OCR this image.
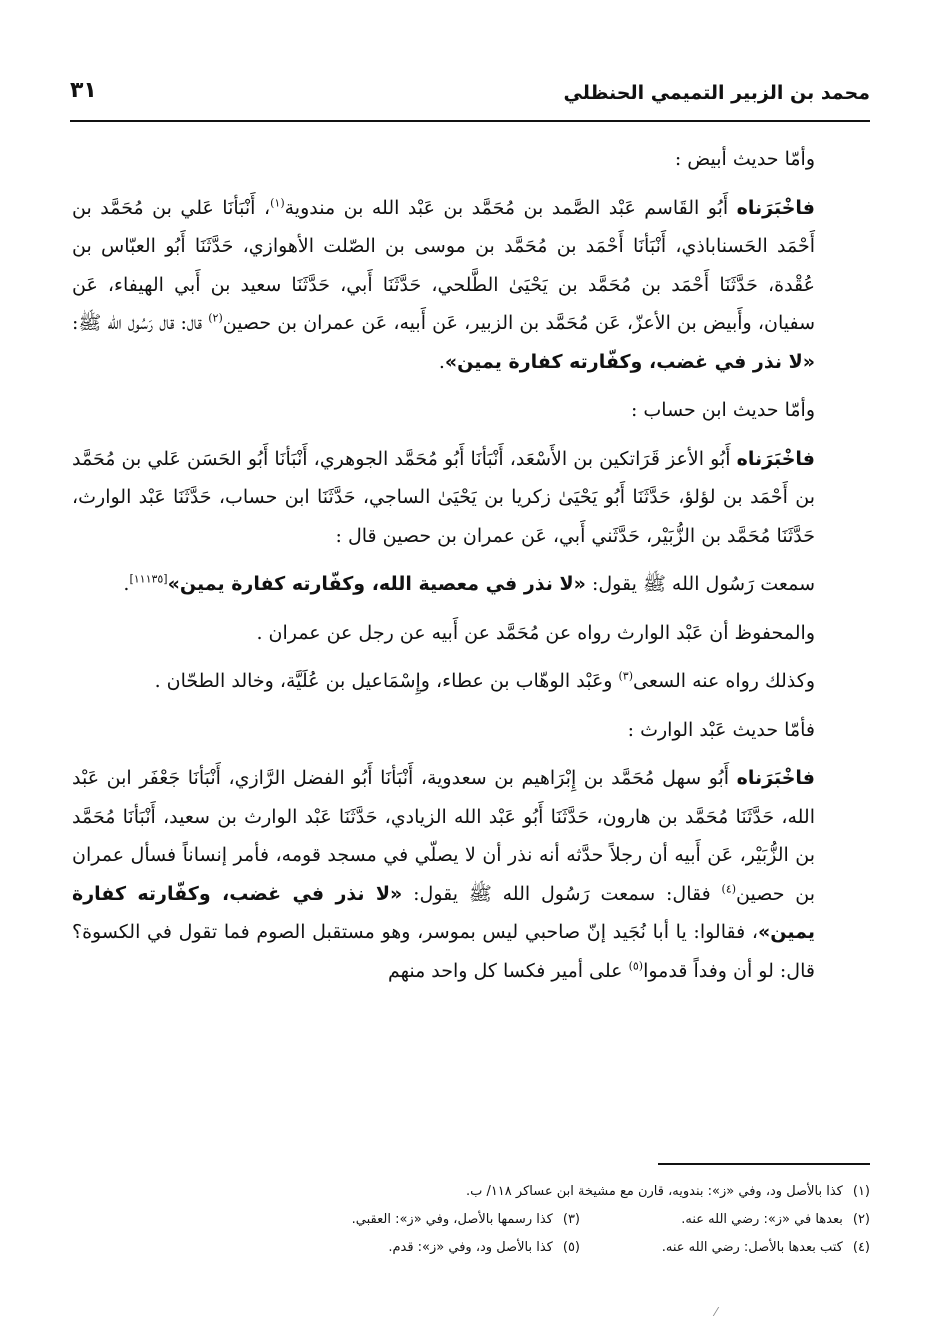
محمد بن الزبير التميمي الحنظلي
٣١

وأمّا حديث أبيض :

فاخْبَرَناه أَبُو القَاسم عَبْد الصَّمد بن مُحَمَّد بن عَبْد الله بن مندوية$^{(١)}$، أَنْبَأنَا عَلي بن مُحَمَّد بن أَحْمَد الحَسناباذي، أَنْبَأنَا أَحْمَد بن مُحَمَّد بن موسى بن الصّلت الأهوازي، حَدَّثَنَا أَبُو العبّاس بن عُقْدة، حَدَّثَنَا أَحْمَد بن مُحَمَّد بن يَحْيَىٰ الطَّلحي، حَدَّثَنَا أَبي، حَدَّثَنَا سعيد بن أَبي الهيفاء، عَن سفيان، وأَبيض بن الأعزّ، عَن مُحَمَّد بن الزبير، عَن أَبيه، عَن عمران بن حصين$^{(٢)}$ قال: قال رَسُول الله ﷺ: «لا نذر في غضب، وكفّارته كفارة يمين».

وأمّا حديث ابن حساب :

فاخْبَرَناه أَبُو الأعز قَرَاتكين بن الأَسْعَد، أَنْبَأنَا أَبُو مُحَمَّد الجوهري، أَنْبَأنَا أَبُو الحَسَن عَلي بن مُحَمَّد بن أَحْمَد بن لؤلؤ، حَدَّثَنَا أَبُو يَحْيَىٰ زكريا بن يَحْيَىٰ الساجي، حَدَّثَنَا ابن حساب، حَدَّثَنَا عَبْد الوارث، حَدَّثَنَا مُحَمَّد بن الزُّبَيْر، حَدَّثَني أَبي، عَن عمران بن حصين قال :

سمعت رَسُول الله ﷺ يقول: «لا نذر في معصية الله، وكفّارته كفارة يمين»[١١١٣٥].

والمحفوظ أن عَبْد الوارث رواه عن مُحَمَّد عن أَبيه عن رجل عن عمران .

وكذلك رواه عنه السعى$^{(٣)}$ وعَبْد الوهّاب بن عطاء، وإِسْمَاعيل بن عُلَيَّة، وخالد الطحّان .

فأمّا حديث عَبْد الوارث :

فاخْبَرَناه أَبُو سهل مُحَمَّد بن إِبْرَاهيم بن سعدوية، أَنْبَأنَا أَبُو الفضل الرَّازي، أَنْبَأنَا جَعْفَر ابن عَبْد الله، حَدَّثَنَا مُحَمَّد بن هارون، حَدَّثَنَا أَبُو عَبْد الله الزيادي، حَدَّثَنَا عَبْد الوارث بن سعيد، أَنْبَأنَا مُحَمَّد بن الزُّبَيْر، عَن أَبيه أن رجلاً حدَّثه أنه نذر أن لا يصلّي في مسجد قومه، فأمر إنساناً فسأل عمران بن حصين$^{(٤)}$ فقال: سمعت رَسُول الله ﷺ يقول: «لا نذر في غضب، وكفّارته كفارة يمين»، فقالوا: يا أبا نُجَيد إنّ صاحبي ليس بموسر، وهو مستقبل الصوم فما تقول في الكسوة؟ قال: لو أن وفداً قدموا$^{(٥)}$ على أمير فكسا كل واحد منهم

(١)كذا بالأصل ود، وفي «ز»: بندويه، قارن مع مشيخة ابن عساكر ١١٨/ ب.
(٢)بعدها في «ز»: رضي الله عنه.
(٣)كذا رسمها بالأصل، وفي «ز»: العقبي.
(٤)كتب بعدها بالأصل: رضي الله عنه.
(٥)كذا بالأصل ود، وفي «ز»: قدم.
⁄
